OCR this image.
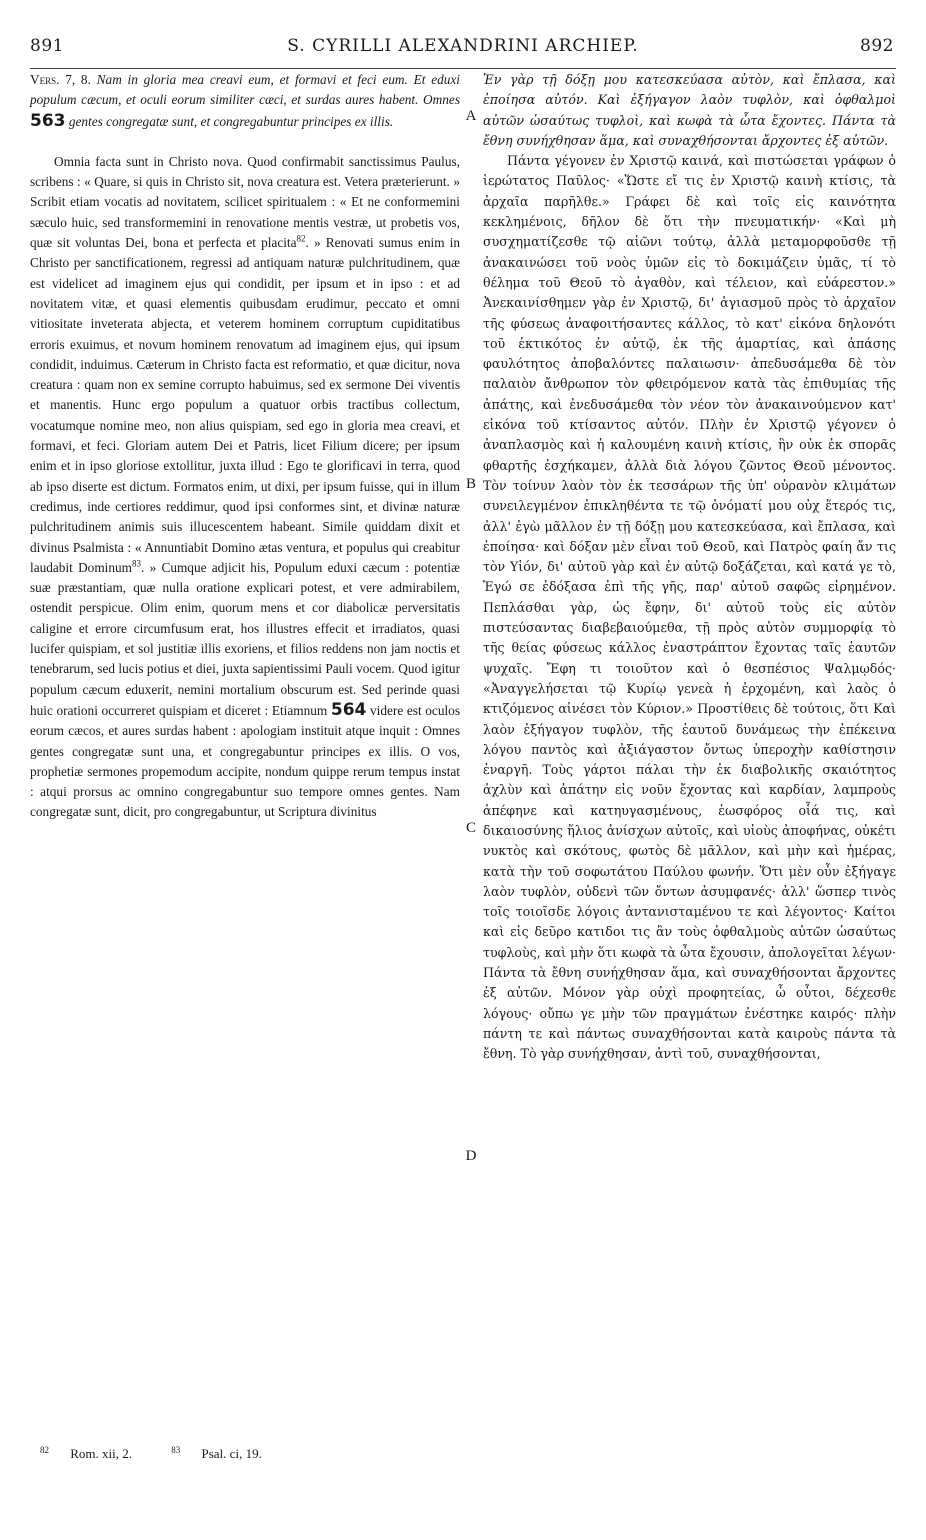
891	S. CYRILLI ALEXANDRINI ARCHIEP.	892

Vers. 7, 8. Nam in gloria mea creavi eum, et formavi et feci eum. Et eduxi populum cæcum, et oculi eorum similiter cæci, et surdas aures habent. Omnes 563 gentes congregatæ sunt, et congregabuntur principes ex illis.

Omnia facta sunt in Christo nova. Quod confirmabit sanctissimus Paulus, scribens : « Quare, si quis in Christo sit, nova creatura est. Vetera præterierunt. » Scribit etiam vocatis ad novitatem, scilicet spiritualem : « Et ne conformemini sæculo huic, sed transformemini in renovatione mentis vestræ, ut probetis vos, quæ sit voluntas Dei, bona et perfecta et placita$^{82}$. » Renovati sumus enim in Christo per sanctificationem, regressi ad antiquam naturæ pulchritudinem, quæ est videlicet ad imaginem ejus qui condidit, per ipsum et in ipso : et ad novitatem vitæ, et quasi elementis quibusdam erudimur, peccato et omni vitiositate inveterata abjecta, et veterem hominem corruptum cupiditatibus erroris exuimus, et novum hominem renovatum ad imaginem ejus, qui ipsum condidit, induimus. Cæterum in Christo facta est reformatio, et quæ dicitur, nova creatura : quam non ex semine corrupto habuimus, sed ex sermone Dei viventis et manentis. Hunc ergo populum a quatuor orbis tractibus collectum, vocatumque nomine meo, non alius quispiam, sed ego in gloria mea creavi, et formavi, et feci. Gloriam autem Dei et Patris, licet Filium dicere; per ipsum enim et in ipso gloriose extollitur, juxta illud : Ego te glorificavi in terra, quod ab ipso diserte est dictum. Formatos enim, ut dixi, per ipsum fuisse, qui in illum credimus, inde certiores reddimur, quod ipsi conformes sint, et divinæ naturæ pulchritudinem animis suis illucescentem habeant. Simile quiddam dixit et divinus Psalmista : « Annuntiabit Domino ætas ventura, et populus qui creabitur laudabit Dominum$^{83}$. » Cumque adjicit his, Populum eduxi cæcum : potentiæ suæ præstantiam, quæ nulla oratione explicari potest, et vere admirabilem, ostendit perspicue. Olim enim, quorum mens et cor diabolicæ perversitatis caligine et errore circumfusum erat, hos illustres effecit et irradiatos, quasi lucifer quispiam, et sol justitiæ illis exoriens, et filios reddens non jam noctis et tenebrarum, sed lucis potius et diei, juxta sapientissimi Pauli vocem. Quod igitur populum cæcum eduxerit, nemini mortalium obscurum est. Sed perinde quasi huic orationi occurreret quispiam et diceret : Etiamnum 564 videre est oculos eorum cæcos, et aures surdas habent : apologiam instituit atque inquit : Omnes gentes congregatæ sunt una, et congregabuntur principes ex illis. O vos, prophetiæ sermones propemodum accipite, nondum quippe rerum tempus instat : atqui prorsus ac omnino congregabuntur suo tempore omnes gentes. Nam congregatæ sunt, dicit, pro congregabuntur, ut Scriptura divinitus

A
B
C
D

Ἐν γὰρ τῇ δόξῃ μου κατεσκεύασα αὐτὸν, καὶ ἔπλασα, καὶ ἐποίησα αὐτόν. Καὶ ἐξήγαγον λαὸν τυφλὸν, καὶ ὀφθαλμοὶ αὐτῶν ὡσαύτως τυφλοὶ, καὶ κωφὰ τὰ ὦτα ἔχοντες. Πάντα τὰ ἔθνη συνήχθησαν ἅμα, καὶ συναχθήσονται ἄρχοντες ἐξ αὐτῶν.

Πάντα γέγονεν ἐν Χριστῷ καινά, καὶ πιστώσεται γράφων ὁ ἱερώτατος Παῦλος· «Ὥστε εἴ τις ἐν Χριστῷ καινὴ κτίσις, τὰ ἀρχαῖα παρῆλθε.» Γράφει δὲ καὶ τοῖς εἰς καινότητα κεκλημένοις, δῆλον δὲ ὅτι τὴν πνευματικήν· «Καὶ μὴ συσχηματίζεσθε τῷ αἰῶνι τούτῳ, ἀλλὰ μεταμορφοῦσθε τῇ ἀνακαινώσει τοῦ νοὸς ὑμῶν εἰς τὸ δοκιμάζειν ὑμᾶς, τί τὸ θέλημα τοῦ Θεοῦ τὸ ἀγαθὸν, καὶ τέλειον, καὶ εὐάρεστον.» Ἀνεκαινίσθημεν γὰρ ἐν Χριστῷ, δι' ἁγιασμοῦ πρὸς τὸ ἀρχαῖον τῆς φύσεως ἀναφοιτήσαντες κάλλος, τὸ κατ' εἰκόνα δηλονότι τοῦ ἐκτικότος ἐν αὐτῷ, ἐκ τῆς ἁμαρτίας, καὶ ἁπάσης φαυλότητος ἀποβαλόντες παλαιωσιν· ἀπεδυσάμεθα δὲ τὸν παλαιὸν ἄνθρωπον τὸν φθειρόμενον κατὰ τὰς ἐπιθυμίας τῆς ἀπάτης, καὶ ἐνεδυσάμεθα τὸν νέον τὸν ἀνακαινούμενον κατ' εἰκόνα τοῦ κτίσαντος αὐτόν. Πλὴν ἐν Χριστῷ γέγονεν ὁ ἀναπλασμὸς καὶ ἡ καλουμένη καινὴ κτίσις, ἣν οὐκ ἐκ σπορᾶς φθαρτῆς ἐσχήκαμεν, ἀλλὰ διὰ λόγου ζῶντος Θεοῦ μένοντος. Τὸν τοίνυν λαὸν τὸν ἐκ τεσσάρων τῆς ὑπ' οὐρανὸν κλιμάτων συνειλεγμένον ἐπικληθέντα τε τῷ ὀνόματί μου οὐχ ἕτερός τις, ἀλλ' ἐγὼ μᾶλλον ἐν τῇ δόξῃ μου κατεσκεύασα, καὶ ἔπλασα, καὶ ἐποίησα· καὶ δόξαν μὲν εἶναι τοῦ Θεοῦ, καὶ Πατρὸς φαίη ἄν τις τὸν Υἱόν, δι' αὐτοῦ γὰρ καὶ ἐν αὐτῷ δοξάζεται, καὶ κατά γε τὸ, Ἐγώ σε ἐδόξασα ἐπὶ τῆς γῆς, παρ' αὐτοῦ σαφῶς εἰρημένον. Πεπλάσθαι γὰρ, ὡς ἔφην, δι' αὐτοῦ τοὺς εἰς αὐτὸν πιστεύσαντας διαβεβαιούμεθα, τῇ πρὸς αὐτὸν συμμορφίᾳ τὸ τῆς θείας φύσεως κάλλος ἐναστράπτον ἔχοντας ταῖς ἑαυτῶν ψυχαῖς. Ἔφη τι τοιοῦτον καὶ ὁ θεσπέσιος Ψαλμῳδός· «Ἀναγγελήσεται τῷ Κυρίῳ γενεὰ ἡ ἐρχομένη, καὶ λαὸς ὁ κτιζόμενος αἰνέσει τὸν Κύριον.» Προστίθεις δὲ τούτοις, ὅτι Καὶ λαὸν ἐξήγαγον τυφλὸν, τῆς ἑαυτοῦ δυνάμεως τὴν ἐπέκεινα λόγου παντὸς καὶ ἀξιάγαστον ὄντως ὑπεροχὴν καθίστησιν ἐναργῆ. Τοὺς γάρτοι πάλαι τὴν ἐκ διαβολικῆς σκαιότητος ἀχλὺν καὶ ἀπάτην εἰς νοῦν ἔχοντας καὶ καρδίαν, λαμπροὺς ἀπέφηνε καὶ κατηυγασμένους, ἑωσφόρος οἷά τις, καὶ δικαιοσύνης ἥλιος ἀνίσχων αὐτοῖς, καὶ υἱοὺς ἀποφήνας, οὐκέτι νυκτὸς καὶ σκότους, φωτὸς δὲ μᾶλλον, καὶ μὴν καὶ ἡμέρας, κατὰ τὴν τοῦ σοφωτάτου Παύλου φωνήν. Ὅτι μὲν οὖν ἐξήγαγε λαὸν τυφλὸν, οὐδενὶ τῶν ὄντων ἀσυμφανές· ἀλλ' ὥσπερ τινὸς τοῖς τοιοῖσδε λόγοις ἀντανισταμένου τε καὶ λέγοντος· Καίτοι καὶ εἰς δεῦρο κατιδοι τις ἂν τοὺς ὀφθαλμοὺς αὐτῶν ὡσαύτως τυφλοὺς, καὶ μὴν ὅτι κωφὰ τὰ ὦτα ἔχουσιν, ἀπολογεῖται λέγων· Πάντα τὰ ἔθνη συνήχθησαν ἅμα, καὶ συναχθήσονται ἄρχοντες ἐξ αὐτῶν. Μόνον γὰρ οὐχὶ προφητείας, ὦ οὗτοι, δέχεσθε λόγους· οὔπω γε μὴν τῶν πραγμάτων ἐνέστηκε καιρός· πλὴν πάντη τε καὶ πάντως συναχθήσονται κατὰ καιροὺς πάντα τὰ ἔθνη. Τὸ γὰρ συνήχθησαν, ἀντὶ τοῦ, συναχθήσονται,

$^{82}$ Rom. xii, 2.	$^{83}$ Psal. ci, 19.
